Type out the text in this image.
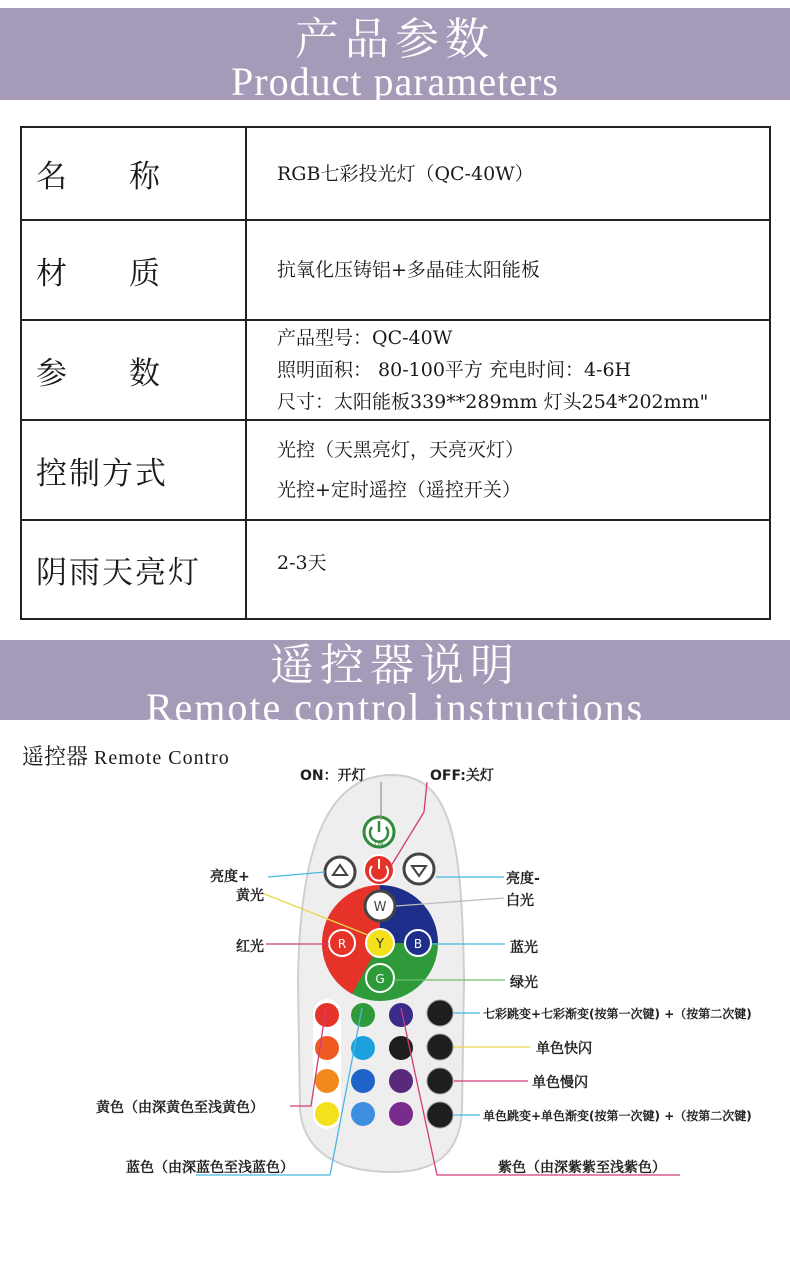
产品参数
Product parameters
名 称	RGB七彩投光灯（QC-40W）

材 质	抗氧化压铸铝+多晶硅太阳能板

参 数	产品型号：QC-40W
照明面积： 80-100平方 充电时间：4-6H
尺寸：太阳能板339**289mm 灯头254*202mm"

控制方式	光控（天黑亮灯，天亮灭灯）
光控+定时遥控（遥控开关）

阴雨天亮灯	2-3天
遥控器说明
Remote control instructions
遥控器 Remote Contro
ON
W
R Y B
G
ON：开灯	OFF:关灯
亮度+
黄光
亮度-
白光
红光	蓝光
绿光
七彩跳变+七彩渐变(按第一次键) +（按第二次键)
单色快闪
单色慢闪
单色跳变+单色渐变(按第一次键) +（按第二次键)
黄色（由深黄色至浅黄色）
蓝色（由深蓝色至浅蓝色）	紫色（由深紫紫至浅紫色）
